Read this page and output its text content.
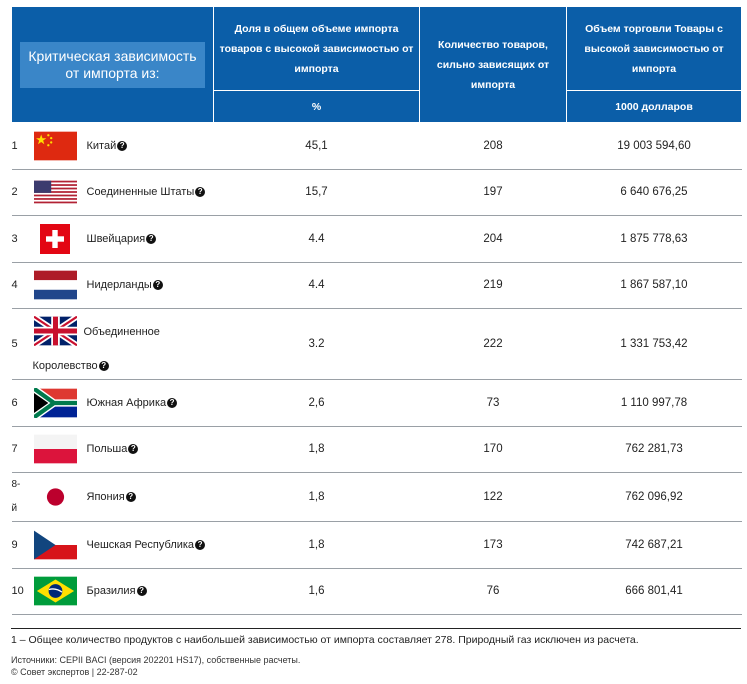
Критическая зависимость от импорта из:	Доля в общем объеме импорта товаров с высокой зависимостью от импорта	Количество товаров, сильно зависящих от импорта	Объем торговли Товары с высокой зависимостью от импорта
	%		1000 долларов

1 Китай ?	45,1	208	19 003 594,60

2 Соединенные Штаты ?	15,7	197	6 640 676,25

3 Швейцария ?	4.4	204	1 875 778,63

4 Нидерланды ?	4.4	219	1 867 587,10

5
Объединенное
Королевство ?	3.2	222	1 331 753,42

6 Южная Африка ?	2,6	73	1 110 997,78

7 Польша ?	1,8	170	762 281,73

8-
й
Япония ?	1,8	122	762 096,92

9 Чешская Республика ?	1,8	173	742 687,21

10 Бразилия ?	1,6	76	666 801,41
1 – Общее количество продуктов с наибольшей зависимостью от импорта составляет 278. Природный газ исключен из расчета.
Источники: CEPII BACI (версия 202201 HS17), собственные расчеты.
© Совет экспертов | 22-287-02
